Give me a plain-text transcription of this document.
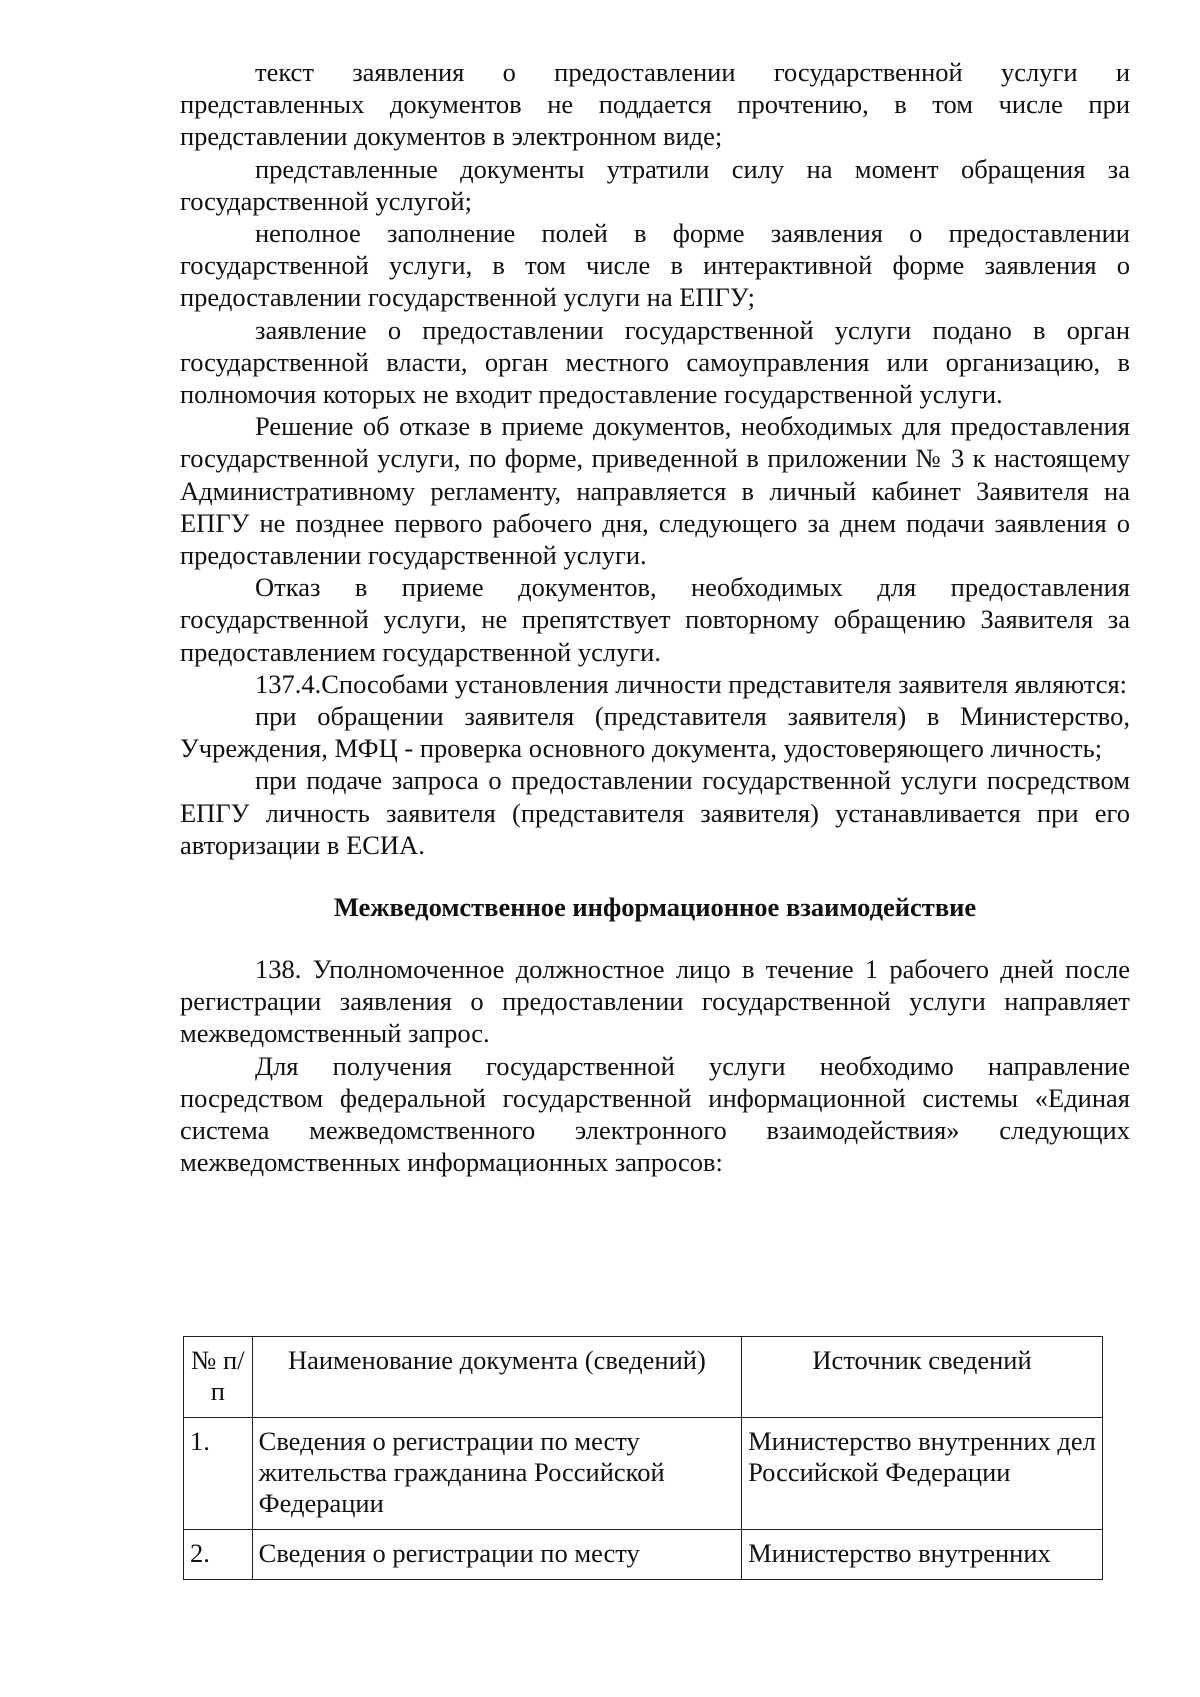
текст заявления о предоставлении государственной услуги и представленных документов не поддается прочтению, в том числе при представлении документов в электронном виде;

представленные документы утратили силу на момент обращения за государственной услугой;

неполное заполнение полей в форме заявления о предоставлении государственной услуги, в том числе в интерактивной форме заявления о предоставлении государственной услуги на ЕПГУ;

заявление о предоставлении государственной услуги подано в орган государственной власти, орган местного самоуправления или организацию, в полномочия которых не входит предоставление государственной услуги.

Решение об отказе в приеме документов, необходимых для предоставления государственной услуги, по форме, приведенной в приложении № 3 к настоящему Административному регламенту, направляется в личный кабинет Заявителя на ЕПГУ не позднее первого рабочего дня, следующего за днем подачи заявления о предоставлении государственной услуги.

Отказ в приеме документов, необходимых для предоставления государственной услуги, не препятствует повторному обращению Заявителя за предоставлением государственной услуги.

137.4.Способами установления личности представителя заявителя являются:

при обращении заявителя (представителя заявителя) в Министерство, Учреждения, МФЦ - проверка основного документа, удостоверяющего личность;

при подаче запроса о предоставлении государственной услуги посредством ЕПГУ личность заявителя (представителя заявителя) устанавливается при его авторизации в ЕСИА.

Межведомственное информационное взаимодействие

138. Уполномоченное должностное лицо в течение 1 рабочего дней после регистрации заявления о предоставлении государственной услуги направляет межведомственный запрос.

Для получения государственной услуги необходимо направление посредством федеральной государственной информационной системы «Единая система межведомственного электронного взаимодействия» следующих межведомственных информационных запросов:

№ п/п	Наименование документа (сведений)	Источник сведений
1.	Сведения о регистрации по месту жительства гражданина Российской Федерации	Министерство внутренних дел Российской Федерации
2.	Сведения о регистрации по месту	Министерство внутренних
